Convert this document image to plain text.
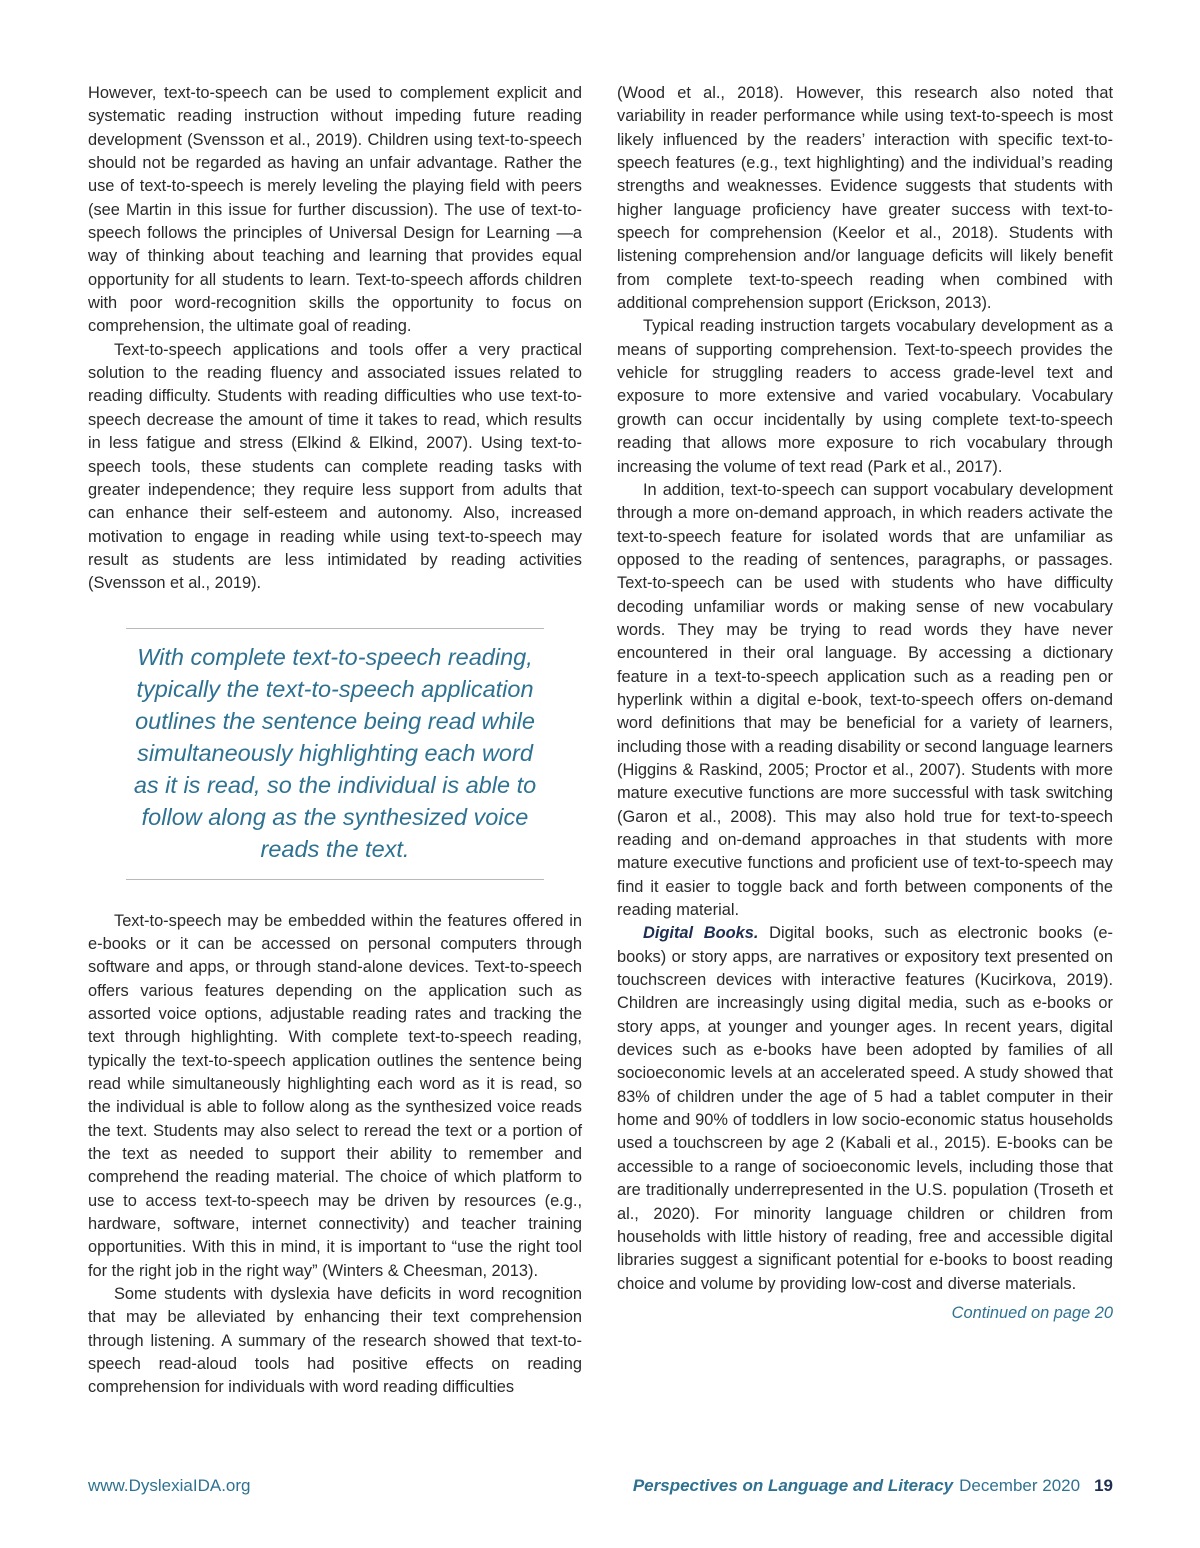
However, text-to-speech can be used to complement explicit and systematic reading instruction without impeding future reading development (Svensson et al., 2019). Children using text-to-speech should not be regarded as having an unfair advantage. Rather the use of text-to-speech is merely leveling the playing field with peers (see Martin in this issue for further discussion). The use of text-to-speech follows the principles of Universal Design for Learning —a way of thinking about teaching and learning that provides equal opportunity for all students to learn. Text-to-speech affords children with poor word-recognition skills the opportunity to focus on comprehension, the ultimate goal of reading.

Text-to-speech applications and tools offer a very practical solution to the reading fluency and associated issues related to reading difficulty. Students with reading difficulties who use text-to-speech decrease the amount of time it takes to read, which results in less fatigue and stress (Elkind & Elkind, 2007). Using text-to-speech tools, these students can complete reading tasks with greater independence; they require less support from adults that can enhance their self-esteem and autonomy. Also, increased motivation to engage in reading while using text-to-speech may result as students are less intimidated by reading activities (Svensson et al., 2019).

With complete text-to-speech reading, typically the text-to-speech application outlines the sentence being read while simultaneously highlighting each word as it is read, so the individual is able to follow along as the synthesized voice reads the text.

Text-to-speech may be embedded within the features offered in e-books or it can be accessed on personal computers through software and apps, or through stand-alone devices. Text-to-speech offers various features depending on the application such as assorted voice options, adjustable reading rates and tracking the text through highlighting. With complete text-to-speech reading, typically the text-to-speech application outlines the sentence being read while simultaneously highlighting each word as it is read, so the individual is able to follow along as the synthesized voice reads the text. Students may also select to reread the text or a portion of the text as needed to support their ability to remember and comprehend the reading material. The choice of which platform to use to access text-to-speech may be driven by resources (e.g., hardware, software, internet connectivity) and teacher training opportunities. With this in mind, it is important to “use the right tool for the right job in the right way” (Winters & Cheesman, 2013).

Some students with dyslexia have deficits in word recognition that may be alleviated by enhancing their text comprehension through listening. A summary of the research showed that text-to-speech read-aloud tools had positive effects on reading comprehension for individuals with word reading difficulties

(Wood et al., 2018). However, this research also noted that variability in reader performance while using text-to-speech is most likely influenced by the readers’ interaction with specific text-to-speech features (e.g., text highlighting) and the individual’s reading strengths and weaknesses. Evidence suggests that students with higher language proficiency have greater success with text-to-speech for comprehension (Keelor et al., 2018). Students with listening comprehension and/or language deficits will likely benefit from complete text-to-speech reading when combined with additional comprehension support (Erickson, 2013).

Typical reading instruction targets vocabulary development as a means of supporting comprehension. Text-to-speech provides the vehicle for struggling readers to access grade-level text and exposure to more extensive and varied vocabulary. Vocabulary growth can occur incidentally by using complete text-to-speech reading that allows more exposure to rich vocabulary through increasing the volume of text read (Park et al., 2017).

In addition, text-to-speech can support vocabulary development through a more on-demand approach, in which readers activate the text-to-speech feature for isolated words that are unfamiliar as opposed to the reading of sentences, paragraphs, or passages. Text-to-speech can be used with students who have difficulty decoding unfamiliar words or making sense of new vocabulary words. They may be trying to read words they have never encountered in their oral language. By accessing a dictionary feature in a text-to-speech application such as a reading pen or hyperlink within a digital e-book, text-to-speech offers on-demand word definitions that may be beneficial for a variety of learners, including those with a reading disability or second language learners (Higgins & Raskind, 2005; Proctor et al., 2007). Students with more mature executive functions are more successful with task switching (Garon et al., 2008). This may also hold true for text-to-speech reading and on-demand approaches in that students with more mature executive functions and proficient use of text-to-speech may find it easier to toggle back and forth between components of the reading material.

Digital Books. Digital books, such as electronic books (e-books) or story apps, are narratives or expository text presented on touchscreen devices with interactive features (Kucirkova, 2019). Children are increasingly using digital media, such as e-books or story apps, at younger and younger ages. In recent years, digital devices such as e-books have been adopted by families of all socioeconomic levels at an accelerated speed. A study showed that 83% of children under the age of 5 had a tablet computer in their home and 90% of toddlers in low socio-economic status households used a touchscreen by age 2 (Kabali et al., 2015). E-books can be accessible to a range of socioeconomic levels, including those that are traditionally underrepresented in the U.S. population (Troseth et al., 2020). For minority language children or children from households with little history of reading, free and accessible digital libraries suggest a significant potential for e-books to boost reading choice and volume by providing low-cost and diverse materials.

Continued on page 20

www.DyslexiaIDA.org	Perspectives on Language and Literacy December 2020 19
